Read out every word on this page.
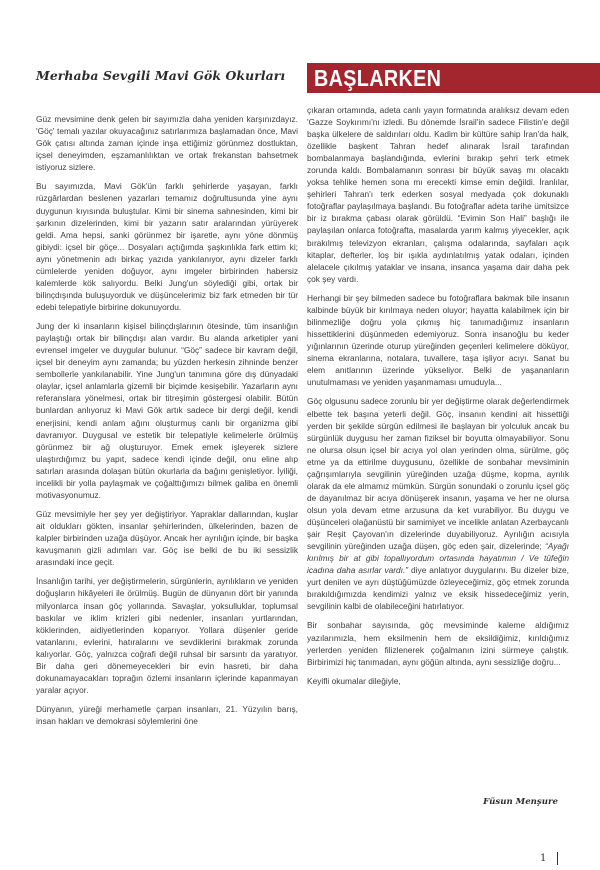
Merhaba Sevgili Mavi Gök Okurları	BAŞLARKEN

Güz mevsimine denk gelen bir sayımızla daha yeniden karşınızdayız. 'Göç' temalı yazılar okuyacağınız satırlarımıza başlamadan önce, Mavi Gök çatısı altında zaman içinde inşa ettiğimiz görünmez dostluktan, içsel deneyimden, eşzamanlılıktan ve ortak frekanstan bahsetmek istiyoruz sizlere.

Bu sayımızda, Mavi Gök'ün farklı şehirlerde yaşayan, farklı rüzgârlardan beslenen yazarları temamız doğrultusunda yine aynı duygunun kıyısında buluştular. Kimi bir sinema sahnesinden, kimi bir şarkının dizelerinden, kimi bir yazarın satır aralarından yürüyerek geldi. Ama hepsi, sanki görünmez bir işaretle, aynı yöne dönmüş gibiydi: içsel bir göçe... Dosyaları açtığımda şaşkınlıkla fark ettim ki; aynı yönetmenin adı birkaç yazıda yankılanıyor, aynı dizeler farklı cümlelerde yeniden doğuyor, aynı imgeler birbirinden habersiz kalemlerde kök salıyordu. Belki Jung'un söylediği gibi, ortak bir bilinçdışında buluşuyorduk ve düşüncelerimiz biz fark etmeden bir tür edebi telepatiyle birbirine dokunuyordu.

Jung der ki insanların kişisel bilinçdışlarının ötesinde, tüm insanlığın paylaştığı ortak bir bilinçdışı alan vardır. Bu alanda arketipler yani evrensel imgeler ve duygular bulunur. “Göç” sadece bir kavram değil, içsel bir deneyim aynı zamanda; bu yüzden herkesin zihninde benzer sembollerle yankılanabilir. Yine Jung'un tanımına göre dış dünyadaki olaylar, içsel anlamlarla gizemli bir biçimde kesişebilir. Yazarların aynı referanslara yönelmesi, ortak bir titreşimin göstergesi olabilir. Bütün bunlardan anlıyoruz ki Mavi Gök artık sadece bir dergi değil, kendi enerjisini, kendi anlam ağını oluşturmuş canlı bir organizma gibi davranıyor. Duygusal ve estetik bir telepatiyle kelimelerle örülmüş görünmez bir ağ oluşturuyor. Emek emek işleyerek sizlere ulaştırdığımız bu yapıt, sadece kendi içinde değil, onu eline alıp satırları arasında dolaşan bütün okurlarla da bağını genişletiyor. İyiliği, incelikli bir yolla paylaşmak ve çoğalttığımızı bilmek galiba en önemli motivasyonumuz.

Güz mevsimiyle her şey yer değiştiriyor. Yapraklar dallarından, kuşlar ait oldukları gökten, insanlar şehirlerinden, ülkelerinden, bazen de kalpler birbirinden uzağa düşüyor. Ancak her ayrılığın içinde, bir başka kavuşmanın gizli adımları var. Göç ise belki de bu iki sessizlik arasındaki ince geçit.

İnsanlığın tarihi, yer değiştirmelerin, sürgünlerin, ayrılıkların ve yeniden doğuşların hikâyeleri ile örülmüş. Bugün de dünyanın dört bir yanında milyonlarca insan göç yollarında. Savaşlar, yoksulluklar, toplumsal baskılar ve iklim krizleri gibi nedenler, insanları yurtlarından, köklerinden, aidiyetlerinden koparıyor. Yollara düşenler geride vatanlarını, evlerini, hatıralarını ve sevdiklerini bırakmak zorunda kalıyorlar. Göç, yalnızca coğrafi değil ruhsal bir sarsıntı da yaratıyor. Bir daha geri dönemeyecekleri bir evin hasreti, bir daha dokunamayacakları toprağın özlemi insanların içlerinde kapanmayan yaralar açıyor.

Dünyanın, yüreği merhametle çarpan insanları, 21. Yüzyılın barış, insan hakları ve demokrasi söylemlerini öne

çıkaran ortamında, adeta canlı yayın formatında aralıksız devam eden 'Gazze Soykırımı'nı izledi. Bu dönemde İsrail'in sadece Filistin'e değil başka ülkelere de saldırıları oldu. Kadim bir kültüre sahip İran'da halk, özellikle başkent Tahran hedef alınarak İsrail tarafından bombalanmaya başlandığında, evlerini bırakıp şehri terk etmek zorunda kaldı. Bombalamanın sonrası bir büyük savaş mı olacaktı yoksa tehlike hemen sona mı erecekti kimse emin değildi. İranlılar, şehirleri Tahran'ı terk ederken sosyal medyada çok dokunaklı fotoğraflar paylaşılmaya başlandı. Bu fotoğraflar adeta tarihe ümitsizce bir iz bırakma çabası olarak görüldü. “Evimin Son Hali” başlığı ile paylaşılan onlarca fotoğrafta, masalarda yarım kalmış yiyecekler, açık bırakılmış televizyon ekranları, çalışma odalarında, sayfaları açık kitaplar, defterler, loş bir ışıkla aydınlatılmış yatak odaları, içinden alelacele çıkılmış yataklar ve insana, insanca yaşama dair daha pek çok şey vardı.

Herhangi bir şey bilmeden sadece bu fotoğraflara bakmak bile insanın kalbinde büyük bir kırılmaya neden oluyor; hayatta kalabilmek için bir bilinmezliğe doğru yola çıkmış hiç tanımadığımız insanların hissettiklerini düşünmeden edemiyoruz. Sonra insanoğlu bu keder yığınlarının üzerinde oturup yüreğinden geçenleri kelimelere döküyor, sinema ekranlarına, notalara, tuvallere, taşa işliyor acıyı. Sanat bu elem anıtlarının üzerinde yükseliyor. Belki de yaşananların unutulmaması ve yeniden yaşanmaması umuduyla...

Göç olgusunu sadece zorunlu bir yer değiştirme olarak değerlendirmek elbette tek başına yeterli değil. Göç, insanın kendini ait hissettiği yerden bir şekilde sürgün edilmesi ile başlayan bir yolculuk ancak bu sürgünlük duygusu her zaman fiziksel bir boyutta olmayabiliyor. Sonu ne olursa olsun içsel bir acıya yol olan yerinden olma, sürülme, göç etme ya da ettirilme duygusunu, özellikle de sonbahar mevsiminin çağrışımlarıyla sevgilinin yüreğinden uzağa düşme, kopma, ayrılık olarak da ele almamız mümkün. Sürgün sonundaki o zorunlu içsel göç de dayanılmaz bir acıya dönüşerek insanın, yaşama ve her ne olursa olsun yola devam etme arzusuna da ket vurabiliyor. Bu duygu ve düşünceleri olağanüstü bir samimiyet ve incelikle anlatan Azerbaycanlı şair Reşit Çayovan'ın dizelerinde duyabiliyoruz. Ayrılığın acısıyla sevgilinin yüreğinden uzağa düşen, göç eden şair, dizelerinde; “Ayağı kırılmış bir at gibi topallıyordum ortasında hayatımın / Ve tüfeğin icadına daha asırlar vardı.” diye anlatıyor duygularını. Bu dizeler bize, yurt denilen ve ayrı düştüğümüzde özleyeceğimiz, göç etmek zorunda bırakıldığımızda kendimizi yalnız ve eksik hissedeceğimiz yerin, sevgilinin kalbi de olabileceğini hatırlatıyor.

Bir sonbahar sayısında, göç mevsiminde kaleme aldığımız yazılarımızla, hem eksilmenin hem de eksildiğimiz, kırıldığımız yerlerden yeniden filizlenerek çoğalmanın izini sürmeye çalıştık. Birbirimizi hiç tanımadan, aynı göğün altında, aynı sessizliğe doğru...

Keyifli okumalar dileğiyle,

Füsun Menşure
1
